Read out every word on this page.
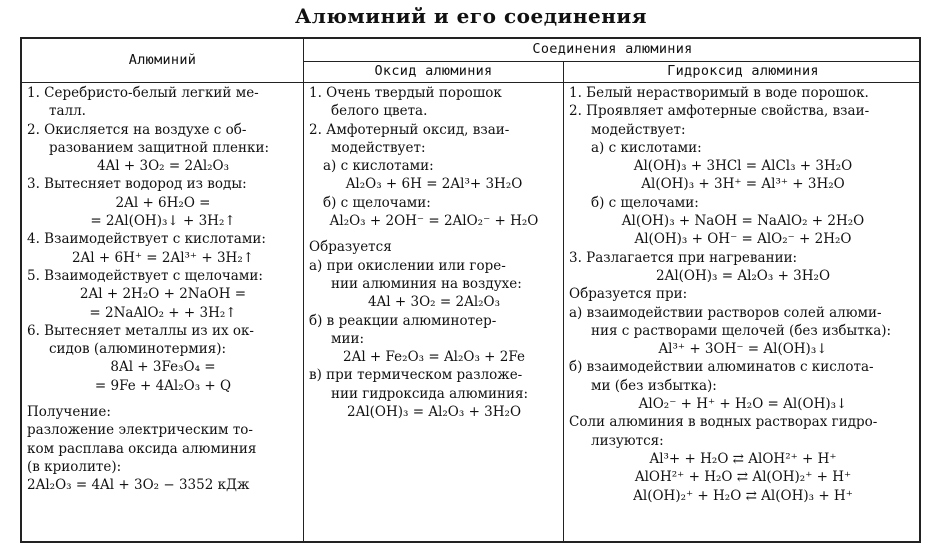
Алюминий и его соединения
Алюминий
Соединения алюминия
Оксид алюминия	Гидроксид алюминия
1. Серебристо-белый легкий ме-
талл.
2. Окисляется на воздухе с об-
разованием защитной пленки:
4Al + 3O₂ = 2Al₂O₃
3. Вытесняет водород из воды:
2Al + 6H₂O =
= 2Al(OH)₃↓ + 3H₂↑
4. Взаимодействует с кислотами:
2Al + 6H⁺ = 2Al³⁺ + 3H₂↑
5. Взаимодействует с щелочами:
2Al + 2H₂O + 2NaOH =
= 2NaAlO₂ + + 3H₂↑
6. Вытесняет металлы из их ок-
сидов (алюминотермия):
8Al + 3Fe₃O₄ =
= 9Fe + 4Al₂O₃ + Q
Получение:
разложение электрическим то-
ком расплава оксида алюминия
(в криолите):
2Al₂O₃ = 4Al + 3O₂ − 3352 кДж
1. Очень твердый порошок
белого цвета.
2. Амфотерный оксид, взаи-
модействует:
а) с кислотами:
Al₂O₃ + 6H = 2Al³+ 3H₂O
б) с щелочами:
Al₂O₃ + 2OH⁻ = 2AlO₂⁻ + H₂O
Образуется
а) при окислении или горе-
нии алюминия на воздухе:
4Al + 3O₂ = 2Al₂O₃
б) в реакции алюминотер-
мии:
2Al + Fe₂O₃ = Al₂O₃ + 2Fe
в) при термическом разложе-
нии гидроксида алюминия:
2Al(OH)₃ = Al₂O₃ + 3H₂O
1. Белый нерастворимый в воде порошок.
2. Проявляет амфотерные свойства, взаи-
модействует:
а) с кислотами:
Al(OH)₃ + 3HCl = AlCl₃ + 3H₂O
Al(OH)₃ + 3H⁺ = Al³⁺ + 3H₂O
б) с щелочами:
Al(OH)₃ + NaOH = NaAlO₂ + 2H₂O
Al(OH)₃ + OH⁻ = AlO₂⁻ + 2H₂O
3. Разлагается при нагревании:
2Al(OH)₃ = Al₂O₃ + 3H₂O
Образуется при:
а) взаимодействии растворов солей алюми-
ния с растворами щелочей (без избытка):
Al³⁺ + 3OH⁻ = Al(OH)₃↓
б) взаимодействии алюминатов с кислота-
ми (без избытка):
AlO₂⁻ + H⁺ + H₂O = Al(OH)₃↓
Соли алюминия в водных растворах гидро-
лизуются:
Al³+ + H₂O ⇄ AlOH²⁺ + H⁺
AlOH²⁺ + H₂O ⇄ Al(OH)₂⁺ + H⁺
Al(OH)₂⁺ + H₂O ⇄ Al(OH)₃ + H⁺
